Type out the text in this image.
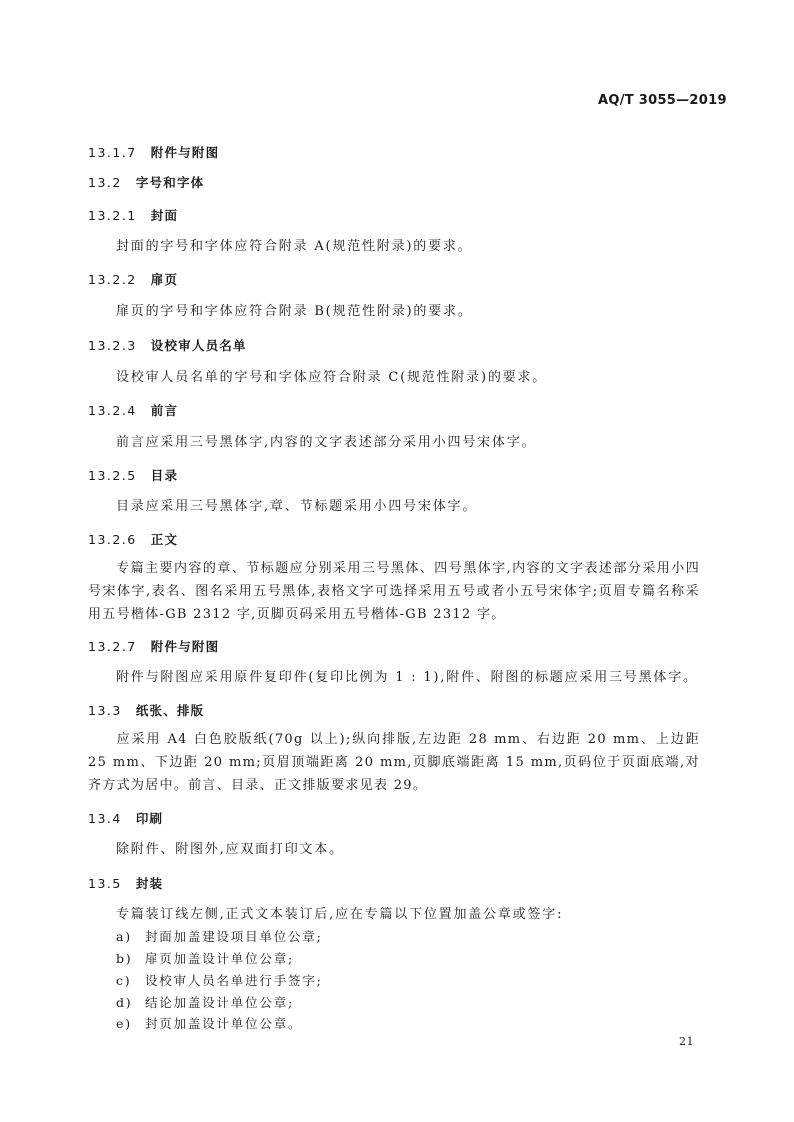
AQ/T 3055—2019
13.1.7 附件与附图
13.2 字号和字体
13.2.1 封面
封面的字号和字体应符合附录 A(规范性附录)的要求。
13.2.2 扉页
扉页的字号和字体应符合附录 B(规范性附录)的要求。
13.2.3 设校审人员名单
设校审人员名单的字号和字体应符合附录 C(规范性附录)的要求。
13.2.4 前言
前言应采用三号黑体字,内容的文字表述部分采用小四号宋体字。
13.2.5 目录
目录应采用三号黑体字,章、节标题采用小四号宋体字。
13.2.6 正文
专篇主要内容的章、节标题应分别采用三号黑体、四号黑体字,内容的文字表述部分采用小四号宋体字,表名、图名采用五号黑体,表格文字可选择采用五号或者小五号宋体字;页眉专篇名称采用五号楷体-GB 2312 字,页脚页码采用五号楷体-GB 2312 字。
13.2.7 附件与附图
附件与附图应采用原件复印件(复印比例为 1 : 1),附件、附图的标题应采用三号黑体字。
13.3 纸张、排版
应采用 A4 白色胶版纸(70g 以上);纵向排版,左边距 28 mm、右边距 20 mm、上边距 25 mm、下边距 20 mm;页眉顶端距离 20 mm,页脚底端距离 15 mm,页码位于页面底端,对齐方式为居中。前言、目录、正文排版要求见表 29。
13.4 印刷
除附件、附图外,应双面打印文本。
13.5 封装
专篇装订线左侧,正式文本装订后,应在专篇以下位置加盖公章或签字:
a) 封面加盖建设项目单位公章;
b) 扉页加盖设计单位公章;
c) 设校审人员名单进行手签字;
d) 结论加盖设计单位公章;
e) 封页加盖设计单位公章。
21
